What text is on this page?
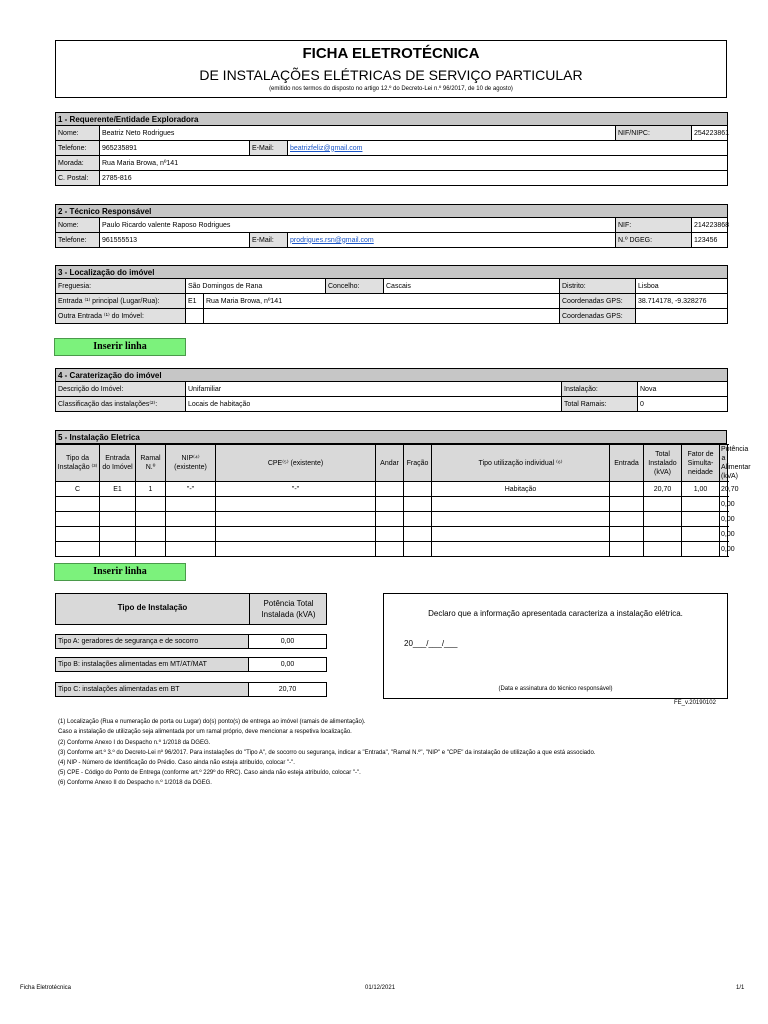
FICHA ELETROTÉCNICA
DE INSTALAÇÕES ELÉTRICAS DE SERVIÇO PARTICULAR
(emitido nos termos do disposto no artigo 12.º do Decreto-Lei n.º 96/2017, de 10 de agosto)
1 - Requerente/Entidade Exploradora					
Nome:	Beatriz Neto Rodrigues			NIF/NIPC:	254223861
Telefone:	965235891	E-Mail:	beatrizfeliz@gmail.com		
Morada:	Rua Maria Browa, nº141				
C. Postal:	2785-816				
2 - Técnico Responsável					
Nome:	Paulo Ricardo valente Raposo Rodrigues			NIF:	214223868
Telefone:	961555513	E-Mail:	prodrigues.rsn@gmail.com	N.º DGEG:	123456
3 - Localização do imóvel						
Freguesia:	São Domingos de Rana		Concelho:	Cascais	Distrito:	Lisboa
Entrada ⁽¹⁾ principal (Lugar/Rua):	E1	Rua Maria Browa, nº141			Coordenadas GPS:	38.714178, -9.328276
Outra Entrada ⁽¹⁾ do Imóvel:					Coordenadas GPS:	
Inserir linha
4 - Caraterização do imóvel			
Descrição do Imóvel:	Unifamiliar	Instalação:	Nova
Classificação das instalações⁽²⁾:	Locais de habitação	Total Ramais:	0
5 - Instalação Eletrica
Tipo da Instalação ⁽³⁾	Entrada do Imóvel	Ramal N.º	NIP⁽⁴⁾ (existente)	CPE⁽⁵⁾ (existente)	Andar	Fração	Tipo utilização individual ⁽⁶⁾	Entrada	Total Instalado (kVA)	Fator de Simulta-neidade	Potência a Alimentar (kVA)
C	E1	1	"-"	"-"			Habitação		20,70	1,00	20,70
											0,00
											0,00
											0,00
											0,00
Inserir linha
Tipo de Instalação	Potência Total Instalada (kVA)
Tipo A: geradores de segurança e de socorro	0,00
Tipo B: instalações alimentadas em MT/AT/MAT	0,00
Tipo C: instalações alimentadas em BT	20,70
Declaro que a informação apresentada caracteriza a instalação elétrica.
20___/___/___
(Data e assinatura do técnico responsável)
FE_v.20190102
(1) Localização (Rua e numeração de porta ou Lugar) do(s) ponto(s) de entrega ao imóvel (ramais de alimentação).
Caso a instalação de utilização seja alimentada por um ramal próprio, deve mencionar a respetiva localização.
(2) Conforme Anexo I do Despacho n.º 1/2018 da DGEG.
(3) Conforme art.º 3.º do Decreto-Lei nº 96/2017. Para instalações do "Tipo A", de socorro ou segurança, indicar a "Entrada", "Ramal N.º", "NIP" e "CPE" da instalação de utilização a que está associado.
(4) NIP - Número de Identificação do Prédio. Caso ainda não esteja atribuído, colocar "-".
(5) CPE - Código do Ponto de Entrega (conforme art.º 229º do RRC). Caso ainda não esteja atribuído, colocar "-".
(6) Conforme Anexo II do Despacho n.º 1/2018 da DGEG.
Ficha Eletrotécnica	01/12/2021	1/1
